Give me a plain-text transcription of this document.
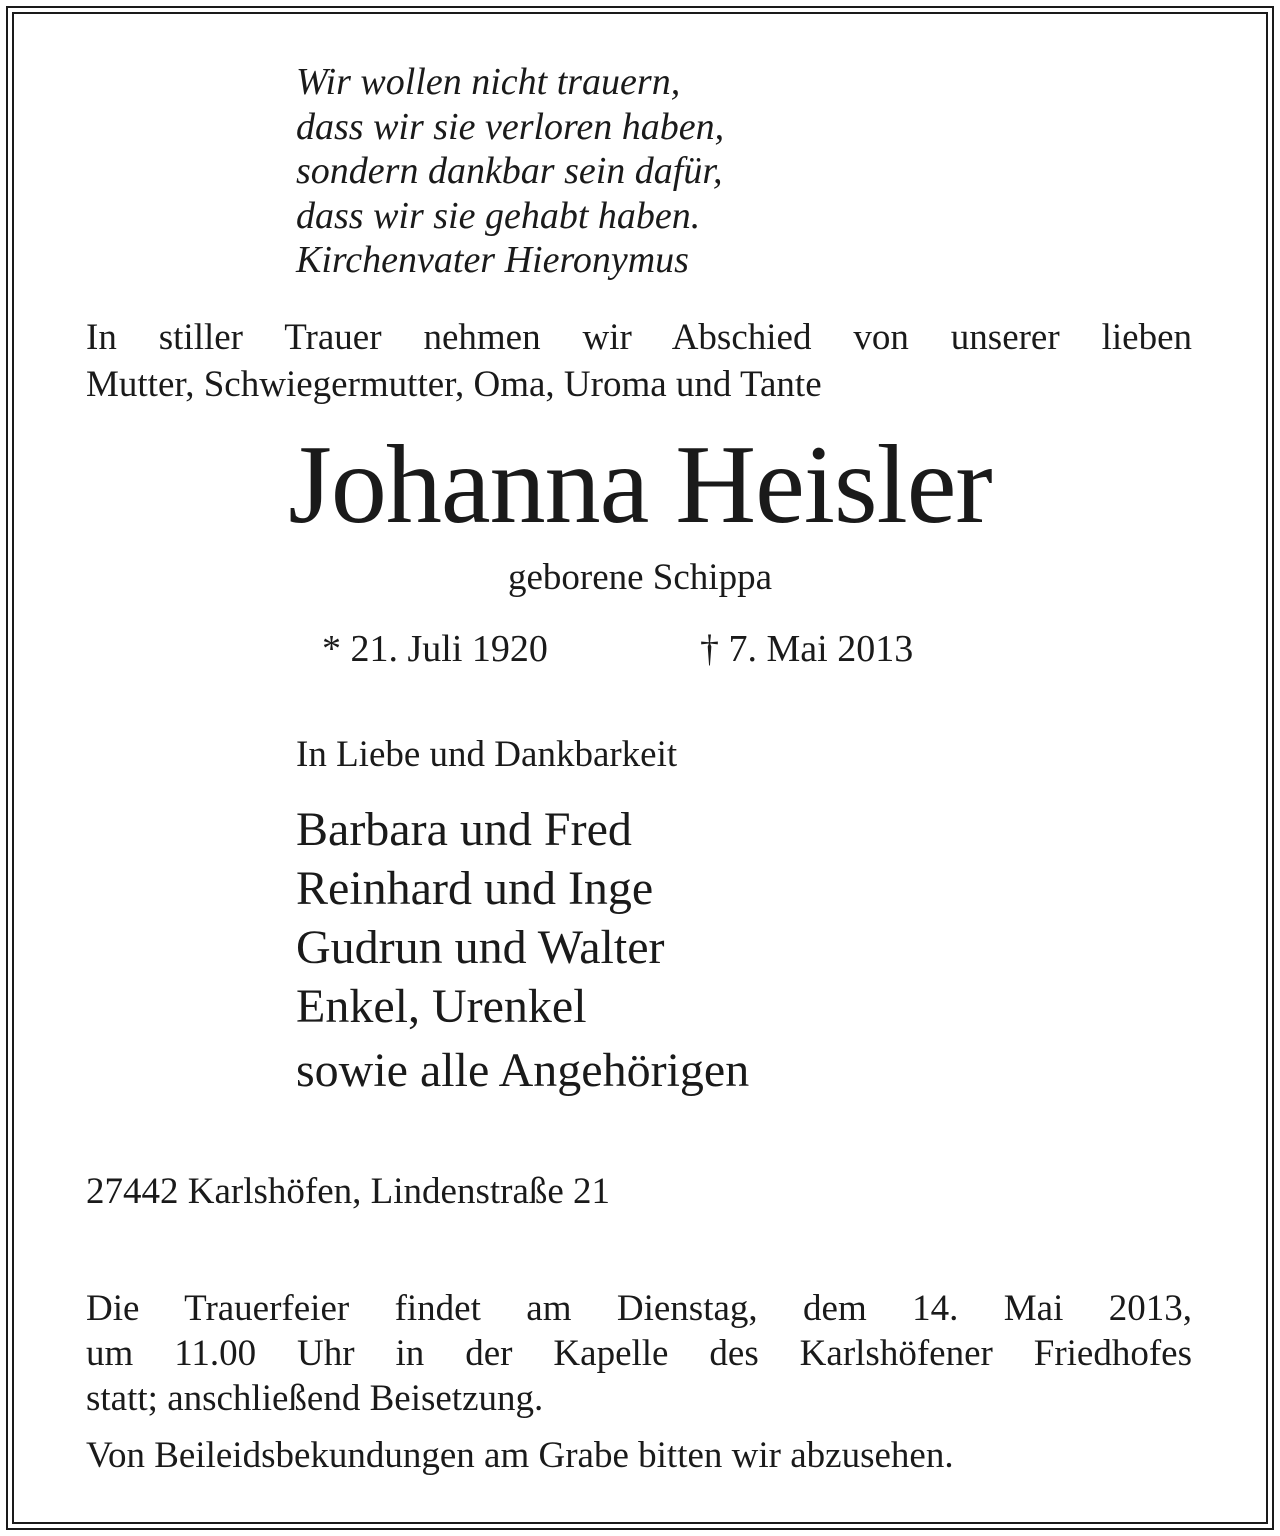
Wir wollen nicht trauern,
dass wir sie verloren haben,
sondern dankbar sein dafür,
dass wir sie gehabt haben.
Kirchenvater Hieronymus
In stiller Trauer nehmen wir Abschied von unserer lieben
Mutter, Schwiegermutter, Oma, Uroma und Tante
Johanna Heisler
geborene Schippa
* 21. Juli 1920	† 7. Mai 2013
In Liebe und Dankbarkeit
Barbara und Fred
Reinhard und Inge
Gudrun und Walter
Enkel, Urenkel
sowie alle Angehörigen
27442 Karlshöfen, Lindenstraße 21
Die Trauerfeier findet am Dienstag, dem 14. Mai 2013,
um 11.00 Uhr in der Kapelle des Karlshöfener Friedhofes
statt; anschließend Beisetzung.
Von Beileidsbekundungen am Grabe bitten wir abzusehen.
